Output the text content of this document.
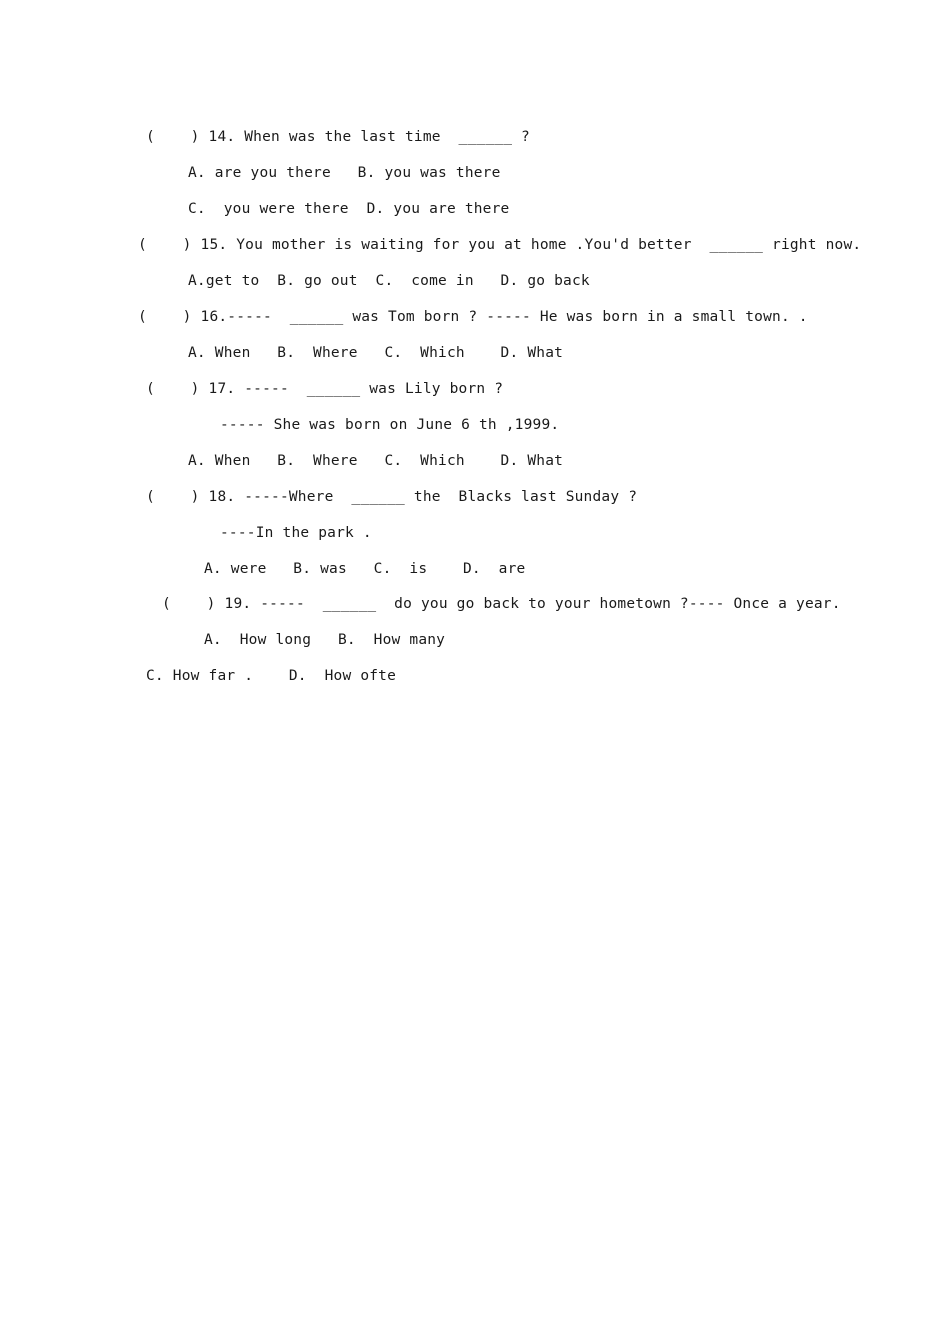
(    ) 14. When was the last time  ______ ?
A. are you there   B. you was there
C.  you were there  D. you are there
(    ) 15. You mother is waiting for you at home .You'd better  ______ right now.
A.get to  B. go out  C.  come in   D. go back
(    ) 16.-----  ______ was Tom born ? ----- He was born in a small town. .
A. When   B.  Where   C.  Which    D. What
(    ) 17. -----  ______ was Lily born ?
----- She was born on June 6 th ,1999.
A. When   B.  Where   C.  Which    D. What
(    ) 18. -----Where  ______ the  Blacks last Sunday ?
----In the park .
A. were   B. was   C.  is    D.  are
(    ) 19. -----  ______  do you go back to your hometown ?---- Once a year.
A.  How long   B.  How many
C. How far .    D.  How ofte
